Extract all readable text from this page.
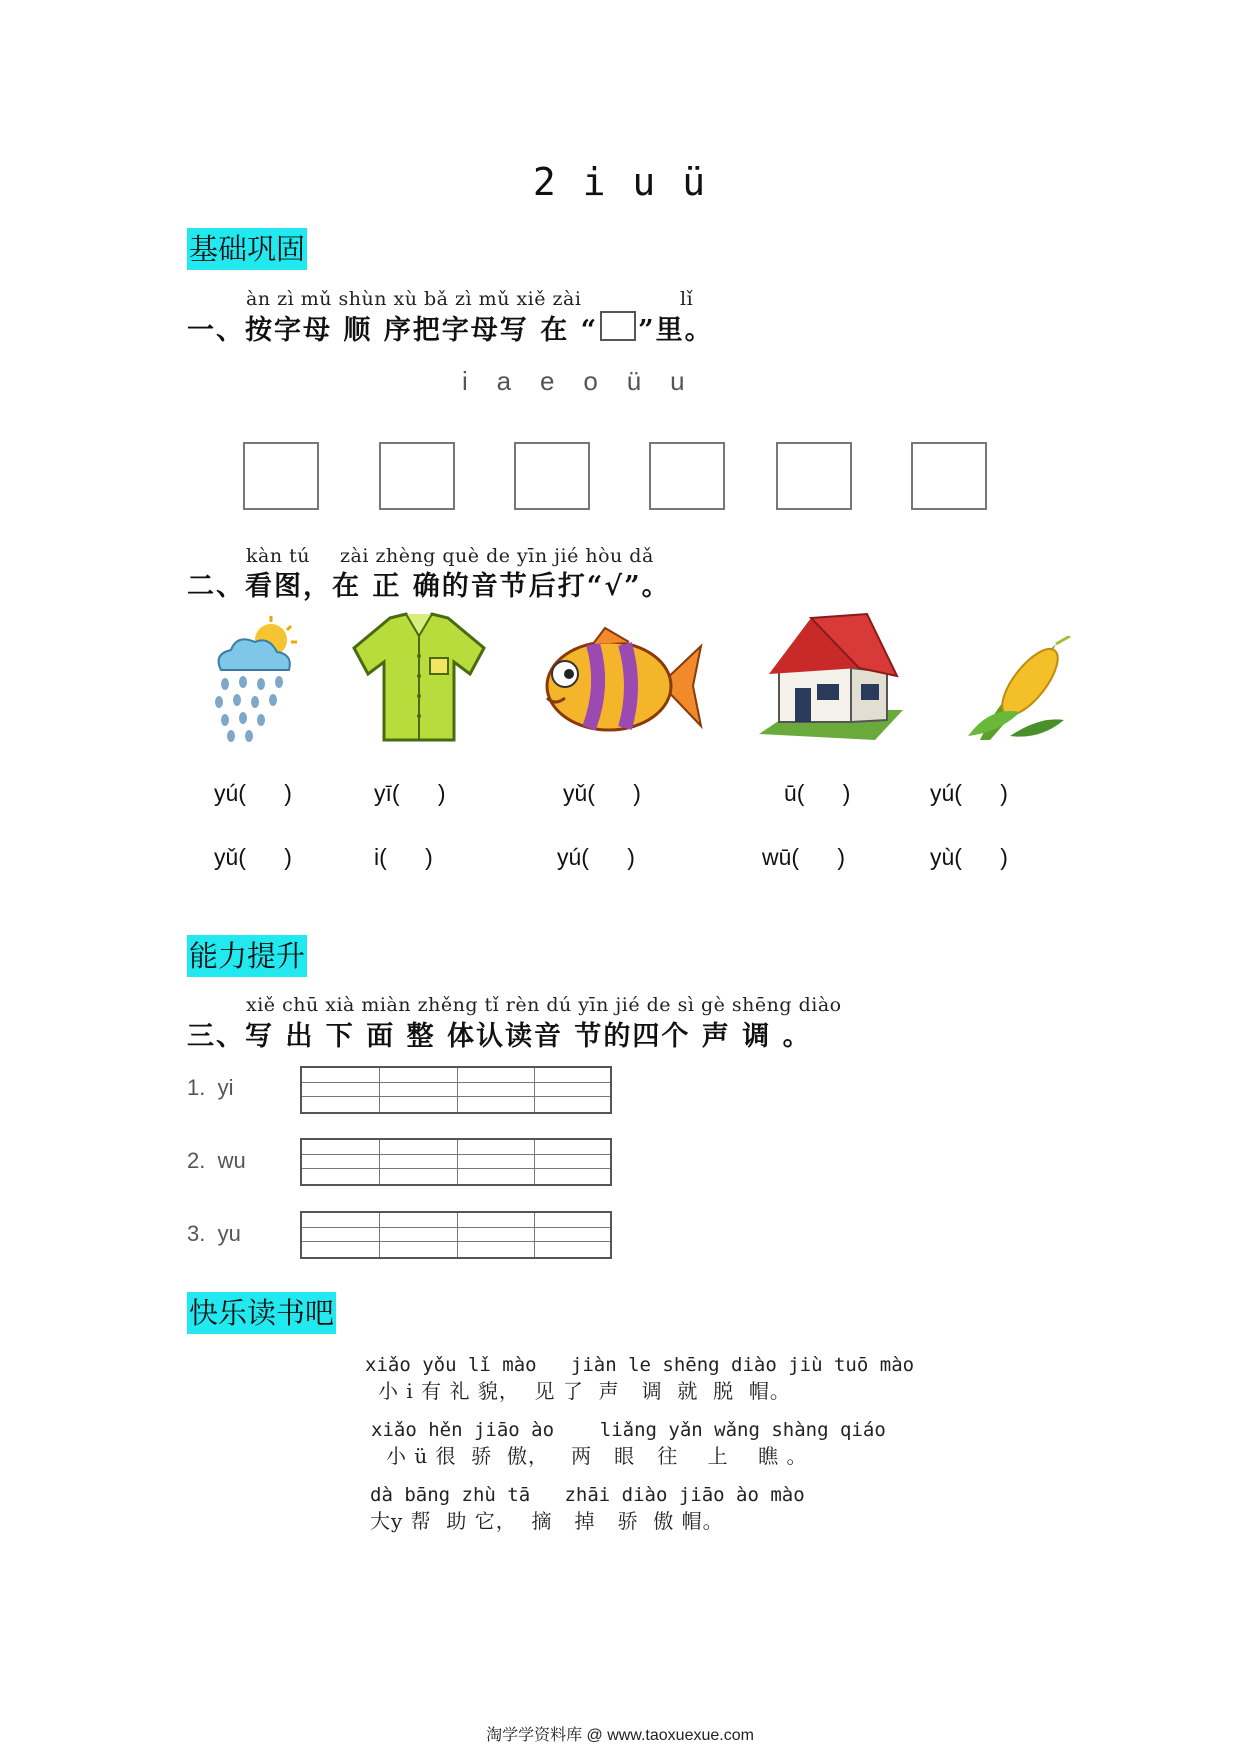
2 i u ü
基础巩固
àn zì mǔ shùn xù bǎ zì mǔ xiě zài	lǐ
一、按字母 顺 序把字母写 在 “ ”里。
i    a    e    o    ü    u
kàn tú zài zhèng què de yīn jié hòu dǎ
二、看图，在 正 确的音节后打“√”。
yú(      )	yī(      )	yǔ(      )	ū(      )	yú(      )
yǔ(      )	i(      )	yú(      )	wū(      )	yù(      )
能力提升
xiě chū xià miàn zhěng tǐ rèn dú yīn jié de sì gè shēng diào
三、写 出 下 面 整 体认读音 节的四个 声 调 。
1.  yi
2.  wu
3.  yu
快乐读书吧
xiǎo yǒu lǐ mào   jiàn le shēng diào jiù tuō mào
小 i 有 礼 貌，  见 了  声   调  就  脱  帽。
xiǎo hěn jiāo ào    liǎng yǎn wǎng shàng qiáo
小 ü 很  骄  傲，   两   眼   往    上    瞧 。
dà bāng zhù tā   zhāi diào jiāo ào mào
大y 帮  助 它，  摘   掉   骄  傲 帽。
淘学学资料库 @ www.taoxuexue.com
